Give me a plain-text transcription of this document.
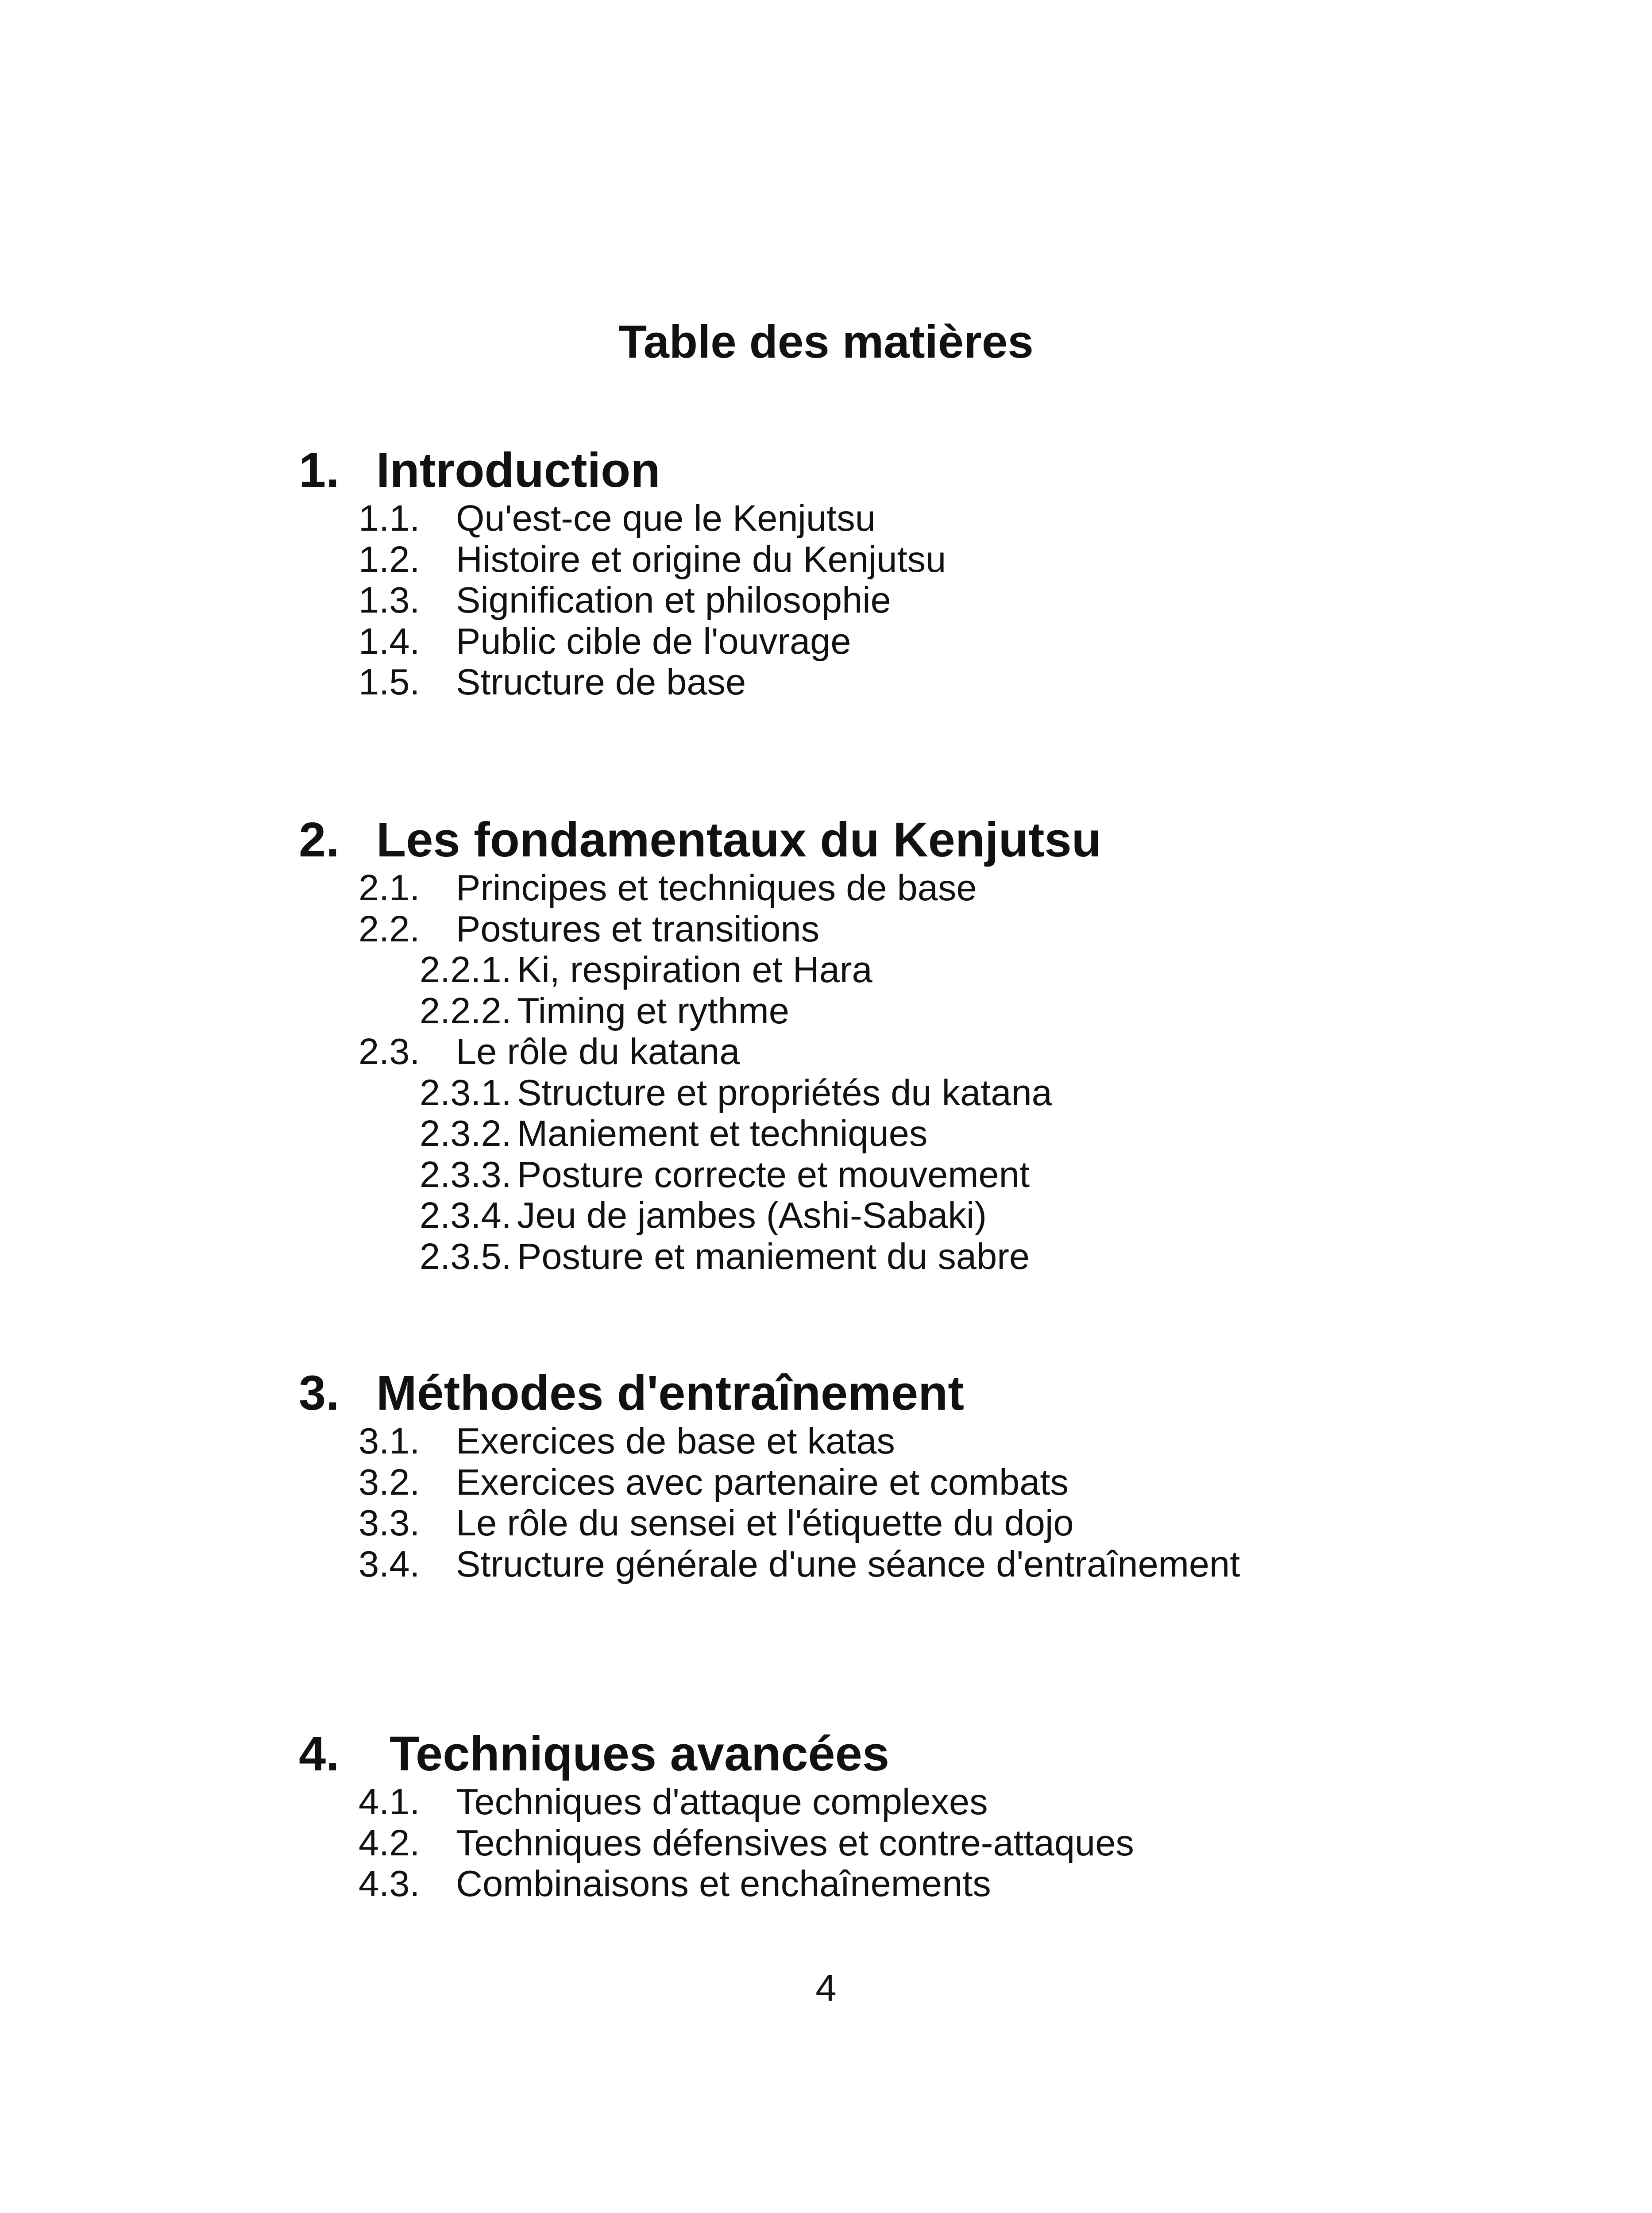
Table des matières
1. Introduction
1.1. Qu'est-ce que le Kenjutsu
1.2. Histoire et origine du Kenjutsu
1.3. Signification et philosophie
1.4. Public cible de l'ouvrage
1.5. Structure de base
2. Les fondamentaux du Kenjutsu
2.1. Principes et techniques de base
2.2. Postures et transitions
2.2.1. Ki, respiration et Hara
2.2.2. Timing et rythme
2.3. Le rôle du katana
2.3.1. Structure et propriétés du katana
2.3.2. Maniement et techniques
2.3.3. Posture correcte et mouvement
2.3.4. Jeu de jambes (Ashi-Sabaki)
2.3.5. Posture et maniement du sabre
3. Méthodes d'entraînement
3.1. Exercices de base et katas
3.2. Exercices avec partenaire et combats
3.3. Le rôle du sensei et l'étiquette du dojo
3.4. Structure générale d'une séance d'entraînement
4. Techniques avancées
4.1. Techniques d'attaque complexes
4.2. Techniques défensives et contre-attaques
4.3. Combinaisons et enchaînements
4
